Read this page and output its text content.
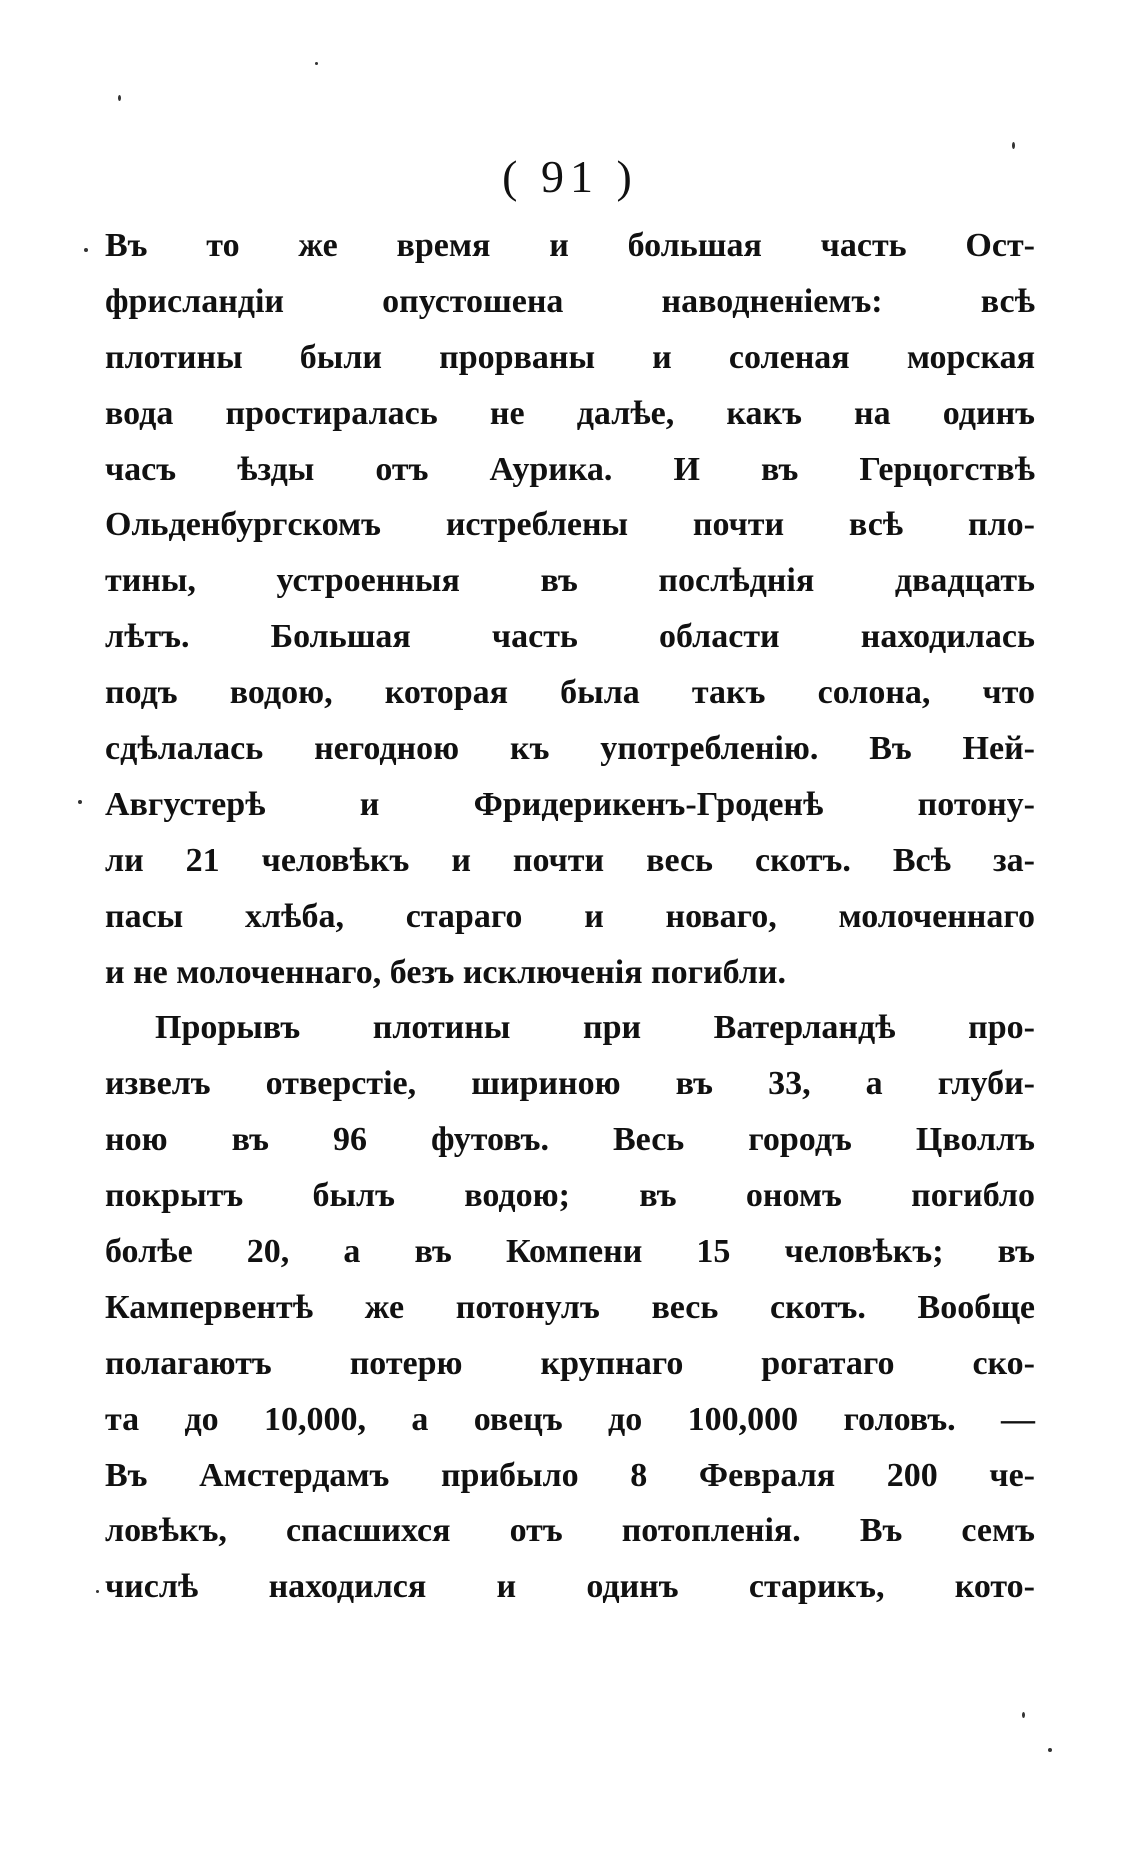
( 91 )
Въ то же время и большая часть Ост-
фрисландіи опустошена наводненіемъ: всѣ
плотины были прорваны и соленая морская
вода простиралась не далѣе, какъ на одинъ
часъ ѣзды отъ Аурика. И въ Герцогствѣ
Ольденбургскомъ истреблены почти всѣ пло-
тины, устроенныя въ послѣднія двадцать
лѣтъ. Большая часть области находилась
подъ водою, которая была такъ солона, что
сдѣлалась негодною къ употребленію. Въ Ней-
Августерѣ и Фридерикенъ-Гроденѣ потону-
ли 21 человѣкъ и почти весь скотъ. Всѣ за-
пасы хлѣба, стараго и новаго, молоченнаго
и не молоченнаго, безъ исключенія погибли.
Прорывъ плотины при Ватерландѣ про-
извелъ отверстіе, шириною въ 33, а глуби-
ною въ 96 футовъ. Весь городъ Цволлъ
покрытъ былъ водою; въ ономъ погибло
болѣе 20, а въ Компени 15 человѣкъ; въ
Кампервентѣ же потонулъ весь скотъ. Вообще
полагаютъ потерю крупнаго рогатаго ско-
та до 10,000, а овецъ до 100,000 головъ. —
Въ Амстердамъ прибыло 8 Февраля 200 че-
ловѣкъ, спасшихся отъ потопленія. Въ семъ
числѣ находился и одинъ старикъ, кото-
